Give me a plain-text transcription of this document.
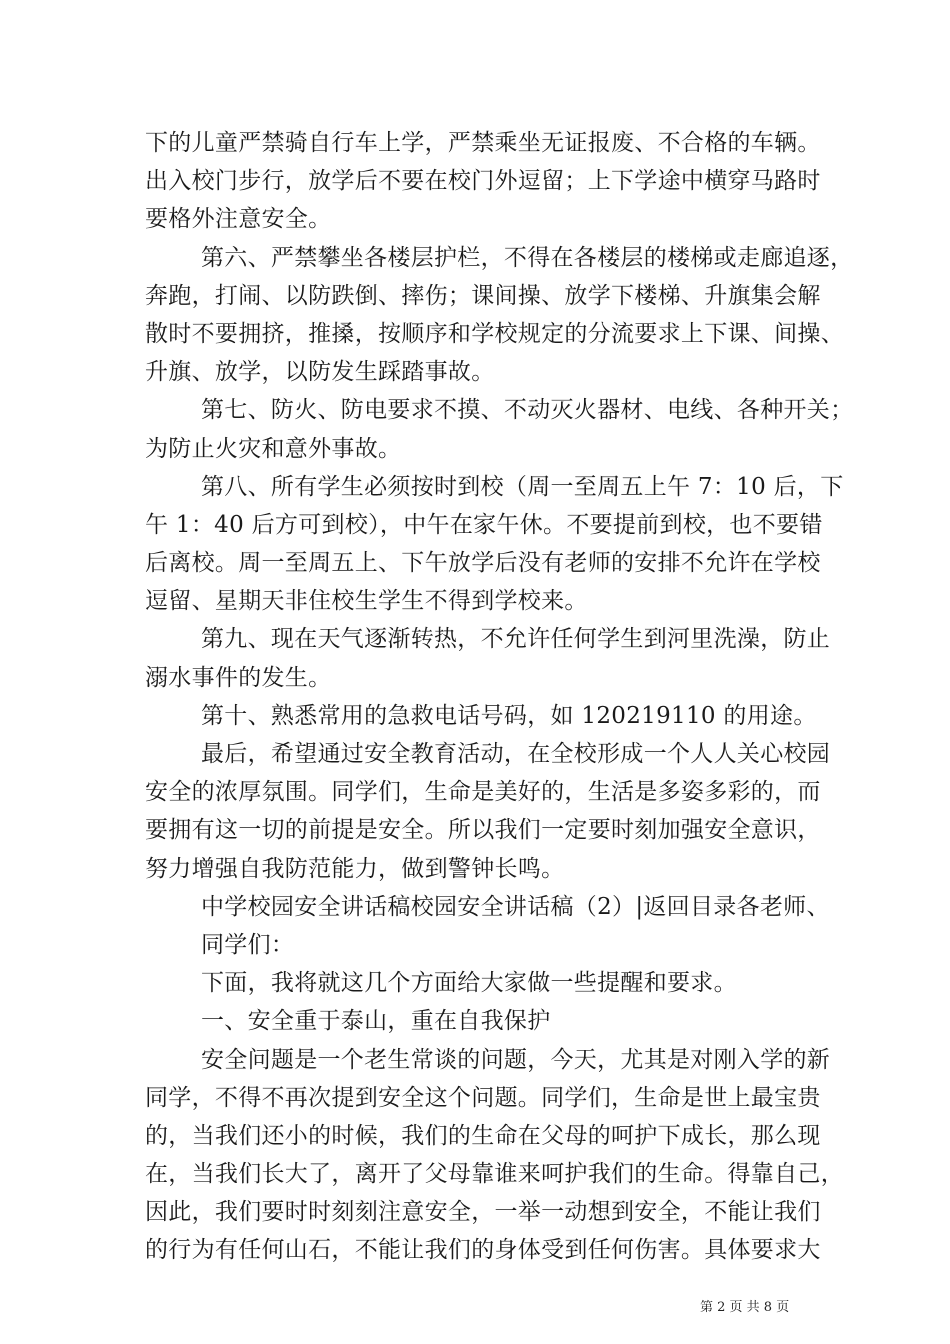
下的儿童严禁骑自行车上学，严禁乘坐无证报废、不合格的车辆。
出入校门步行，放学后不要在校门外逗留；上下学途中横穿马路时
要格外注意安全。
第六、严禁攀坐各楼层护栏，不得在各楼层的楼梯或走廊追逐，
奔跑，打闹、以防跌倒、摔伤；课间操、放学下楼梯、升旗集会解
散时不要拥挤，推搡，按顺序和学校规定的分流要求上下课、间操、
升旗、放学，以防发生踩踏事故。
第七、防火、防电要求不摸、不动灭火器材、电线、各种开关；
为防止火灾和意外事故。
第八、所有学生必须按时到校（周一至周五上午 7：10 后，下
午 1：40 后方可到校），中午在家午休。不要提前到校，也不要错
后离校。周一至周五上、下午放学后没有老师的安排不允许在学校
逗留、星期天非住校生学生不得到学校来。
第九、现在天气逐渐转热，不允许任何学生到河里洗澡，防止
溺水事件的发生。
第十、熟悉常用的急救电话号码，如 120219110 的用途。
最后，希望通过安全教育活动，在全校形成一个人人关心校园
安全的浓厚氛围。同学们，生命是美好的，生活是多姿多彩的，而
要拥有这一切的前提是安全。所以我们一定要时刻加强安全意识，
努力增强自我防范能力，做到警钟长鸣。
中学校园安全讲话稿校园安全讲话稿（2）|返回目录各老师、
同学们：
下面，我将就这几个方面给大家做一些提醒和要求。
一、安全重于泰山，重在自我保护
安全问题是一个老生常谈的问题，今天，尤其是对刚入学的新
同学，不得不再次提到安全这个问题。同学们，生命是世上最宝贵
的，当我们还小的时候，我们的生命在父母的呵护下成长，那么现
在，当我们长大了，离开了父母靠谁来呵护我们的生命。得靠自己，
因此，我们要时时刻刻注意安全，一举一动想到安全，不能让我们
的行为有任何山石，不能让我们的身体受到任何伤害。具体要求大
第 2 页 共 8 页
